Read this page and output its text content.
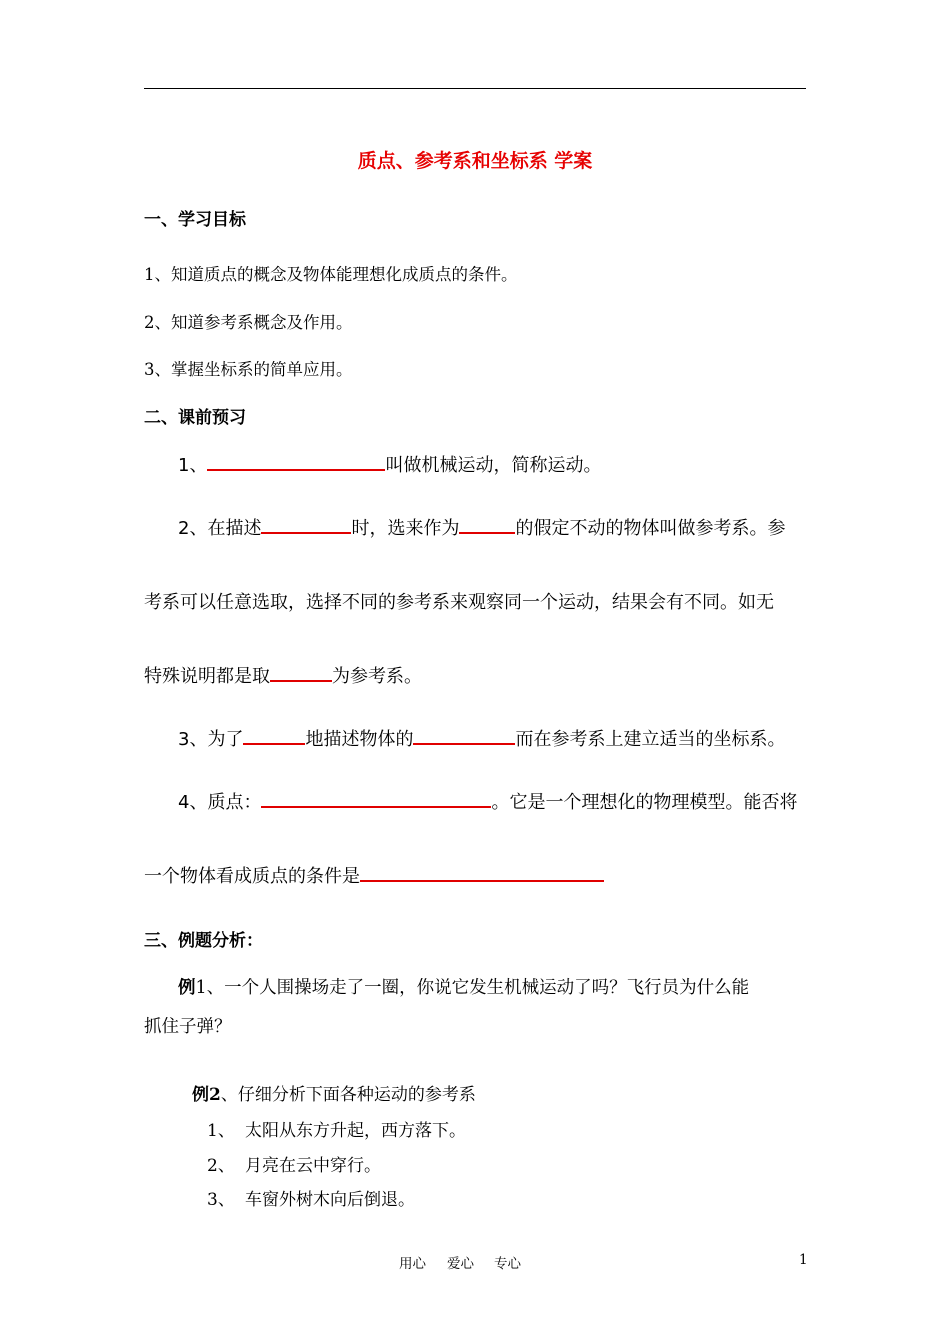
质点、参考系和坐标系 学案
一、学习目标
1、知道质点的概念及物体能理想化成质点的条件。
2、知道参考系概念及作用。
3、掌握坐标系的简单应用。
二、课前预习
1、	叫做机械运动，简称运动。
2、在描述	时，选来作为	的假定不动的物体叫做参考系。参
考系可以任意选取，选择不同的参考系来观察同一个运动，结果会有不同。如无
特殊说明都是取	为参考系。
3、为了	地描述物体的	而在参考系上建立适当的坐标系。
4、质点：	。它是一个理想化的物理模型。能否将
一个物体看成质点的条件是
三、例题分析：
例1、一个人围操场走了一圈，你说它发生机械运动了吗？飞行员为什么能
抓住子弹？
例2、仔细分析下面各种运动的参考系
1、 太阳从东方升起，西方落下。
2、 月亮在云中穿行。
3、 车窗外树木向后倒退。
用心 爱心 专心	1
